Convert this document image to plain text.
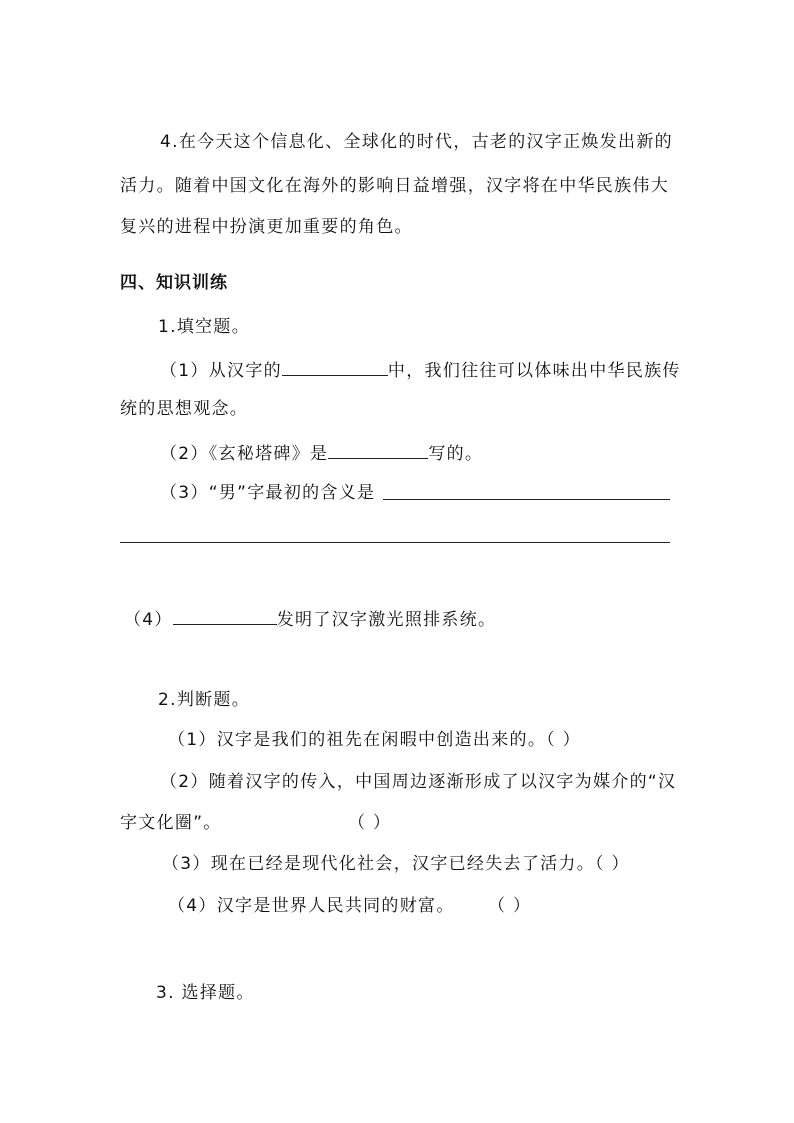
4.在今天这个信息化、全球化的时代，古老的汉字正焕发出新的
活力。随着中国文化在海外的影响日益增强，汉字将在中华民族伟大
复兴的进程中扮演更加重要的角色。
四、知识训练
1.填空题。
（1）从汉字的	中，我们往往可以体味出中华民族传
统的思想观念。
（2）《玄秘塔碑》是	写的。
（3）“男”字最初的含义是
（4）	发明了汉字激光照排系统。
2.判断题。
（1）汉字是我们的祖先在闲暇中创造出来的。（ ）
（2）随着汉字的传入，中国周边逐渐形成了以汉字为媒介的“汉
字文化圈”。	（ ）
（3）现在已经是现代化社会，汉字已经失去了活力。（ ）
（4）汉字是世界人民共同的财富。 （ ）
3. 选择题。
